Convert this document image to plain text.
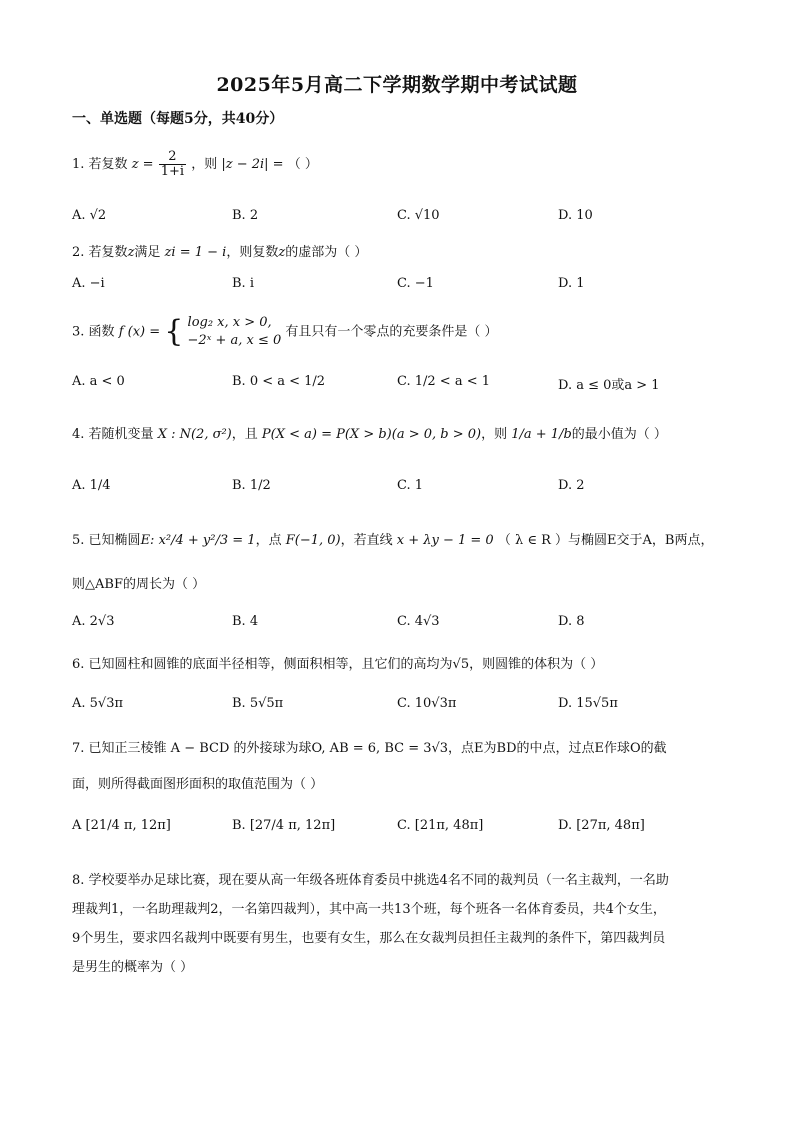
2025年5月高二下学期数学期中考试试题
一、单选题（每题5分，共40分）
1. 若复数 $z = \frac{2}{1+i}$ ，则 |z − 2i| = （ ）
A. √2	B. 2	C. √10	D. 10
2. 若复数z满足 zi = 1 − i，则复数z的虚部为（ ）
A. −i	B. i	C. −1	D. 1
3. 函数 f (x) = { log₂ x, x > 0,
−2ˣ + a, x ≤ 0
有且只有一个零点的充要条件是（ ）
A. a < 0	B. 0 < a < 1/2	C. 1/2 < a < 1	D. a ≤ 0或a > 1
4. 若随机变量 X : N(2, σ²)，且 P(X < a) = P(X > b)(a > 0, b > 0)，则 1/a + 1/b的最小值为（ ）
A. 1/4	B. 1/2	C. 1	D. 2
5. 已知椭圆E: x²/4 + y²/3 = 1，点 F(−1, 0)，若直线 x + λy − 1 = 0 （ λ ∈ R ）与椭圆E交于A，B两点，
则△ABF的周长为（ ）
A. 2√3	B. 4	C. 4√3	D. 8
6. 已知圆柱和圆锥的底面半径相等，侧面积相等，且它们的高均为√5，则圆锥的体积为（ ）
A. 5√3π	B. 5√5π	C. 10√3π	D. 15√5π
7. 已知正三棱锥 A − BCD 的外接球为球O, AB = 6, BC = 3√3，点E为BD的中点，过点E作球O的截
面，则所得截面图形面积的取值范围为（ ）
A [21/4 π, 12π]	B. [27/4 π, 12π]	C. [21π, 48π]	D. [27π, 48π]
8. 学校要举办足球比赛，现在要从高一年级各班体育委员中挑选4名不同的裁判员（一名主裁判，一名助
理裁判1，一名助理裁判2，一名第四裁判），其中高一共13个班，每个班各一名体育委员，共4个女生，
9个男生，要求四名裁判中既要有男生，也要有女生，那么在女裁判员担任主裁判的条件下，第四裁判员
是男生的概率为（ ）
